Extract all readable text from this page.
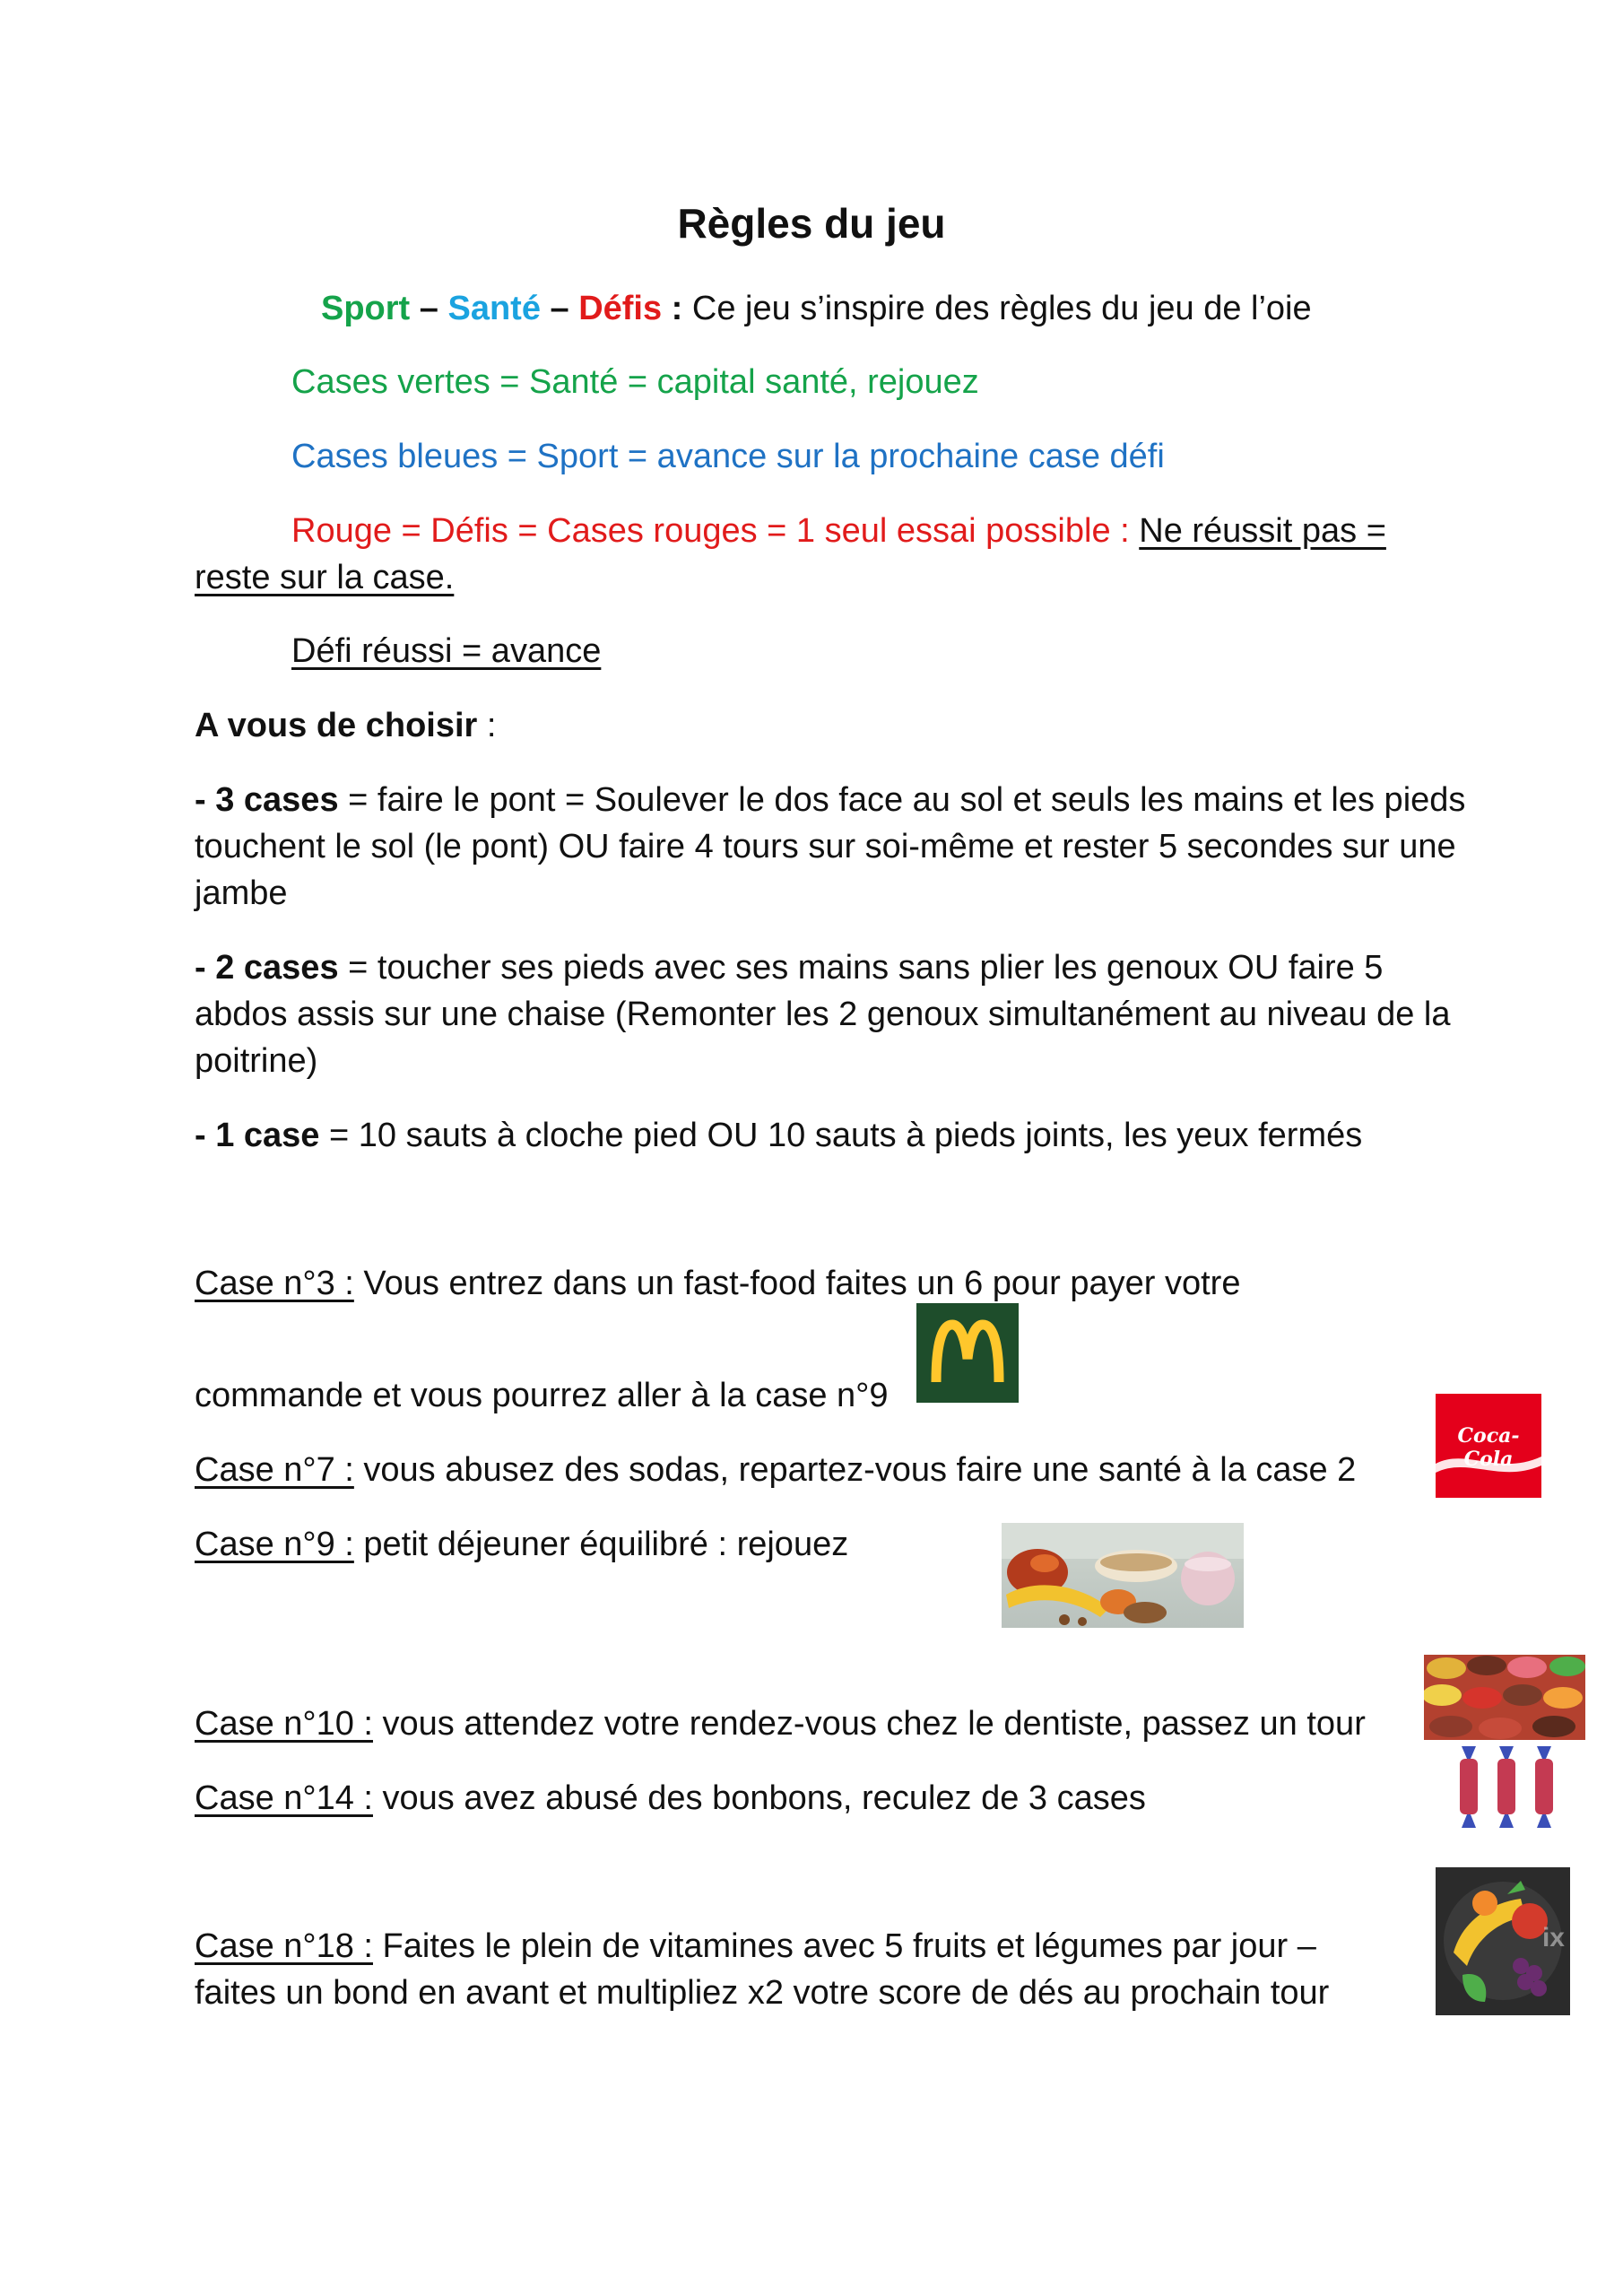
Règles du jeu
Sport – Santé – Défis : Ce jeu s’inspire des règles du jeu de l’oie
Cases vertes = Santé = capital santé, rejouez
Cases bleues = Sport = avance sur la prochaine case défi
Rouge = Défis = Cases rouges = 1 seul essai possible : Ne réussit pas =
reste sur la case.
Défi réussi = avance
A vous de choisir :
- 3 cases = faire le pont = Soulever le dos face au sol et seuls les mains et les pieds touchent le sol (le pont) OU faire 4 tours sur soi-même et rester 5 secondes sur une jambe
- 2 cases = toucher ses pieds avec ses mains sans plier les genoux OU faire 5 abdos assis sur une chaise (Remonter les 2 genoux simultanément au niveau de la poitrine)
- 1 case = 10 sauts à cloche pied OU 10 sauts à pieds joints, les yeux fermés
Case n°3 : Vous entrez dans un fast-food faites un 6 pour payer votre
commande et vous pourrez aller à la case n°9
Case n°7 : vous abusez des sodas, repartez-vous faire une santé à la case 2
Coca-Cola
Case n°9 : petit déjeuner équilibré : rejouez
Case n°10 : vous attendez votre rendez-vous chez le dentiste, passez un tour
Case n°14 : vous avez abusé des bonbons, reculez de 3 cases
Case n°18 : Faites le plein de vitamines avec 5 fruits et légumes par jour –
faites un bond en avant et multipliez x2 votre score de dés au prochain tour
ix
